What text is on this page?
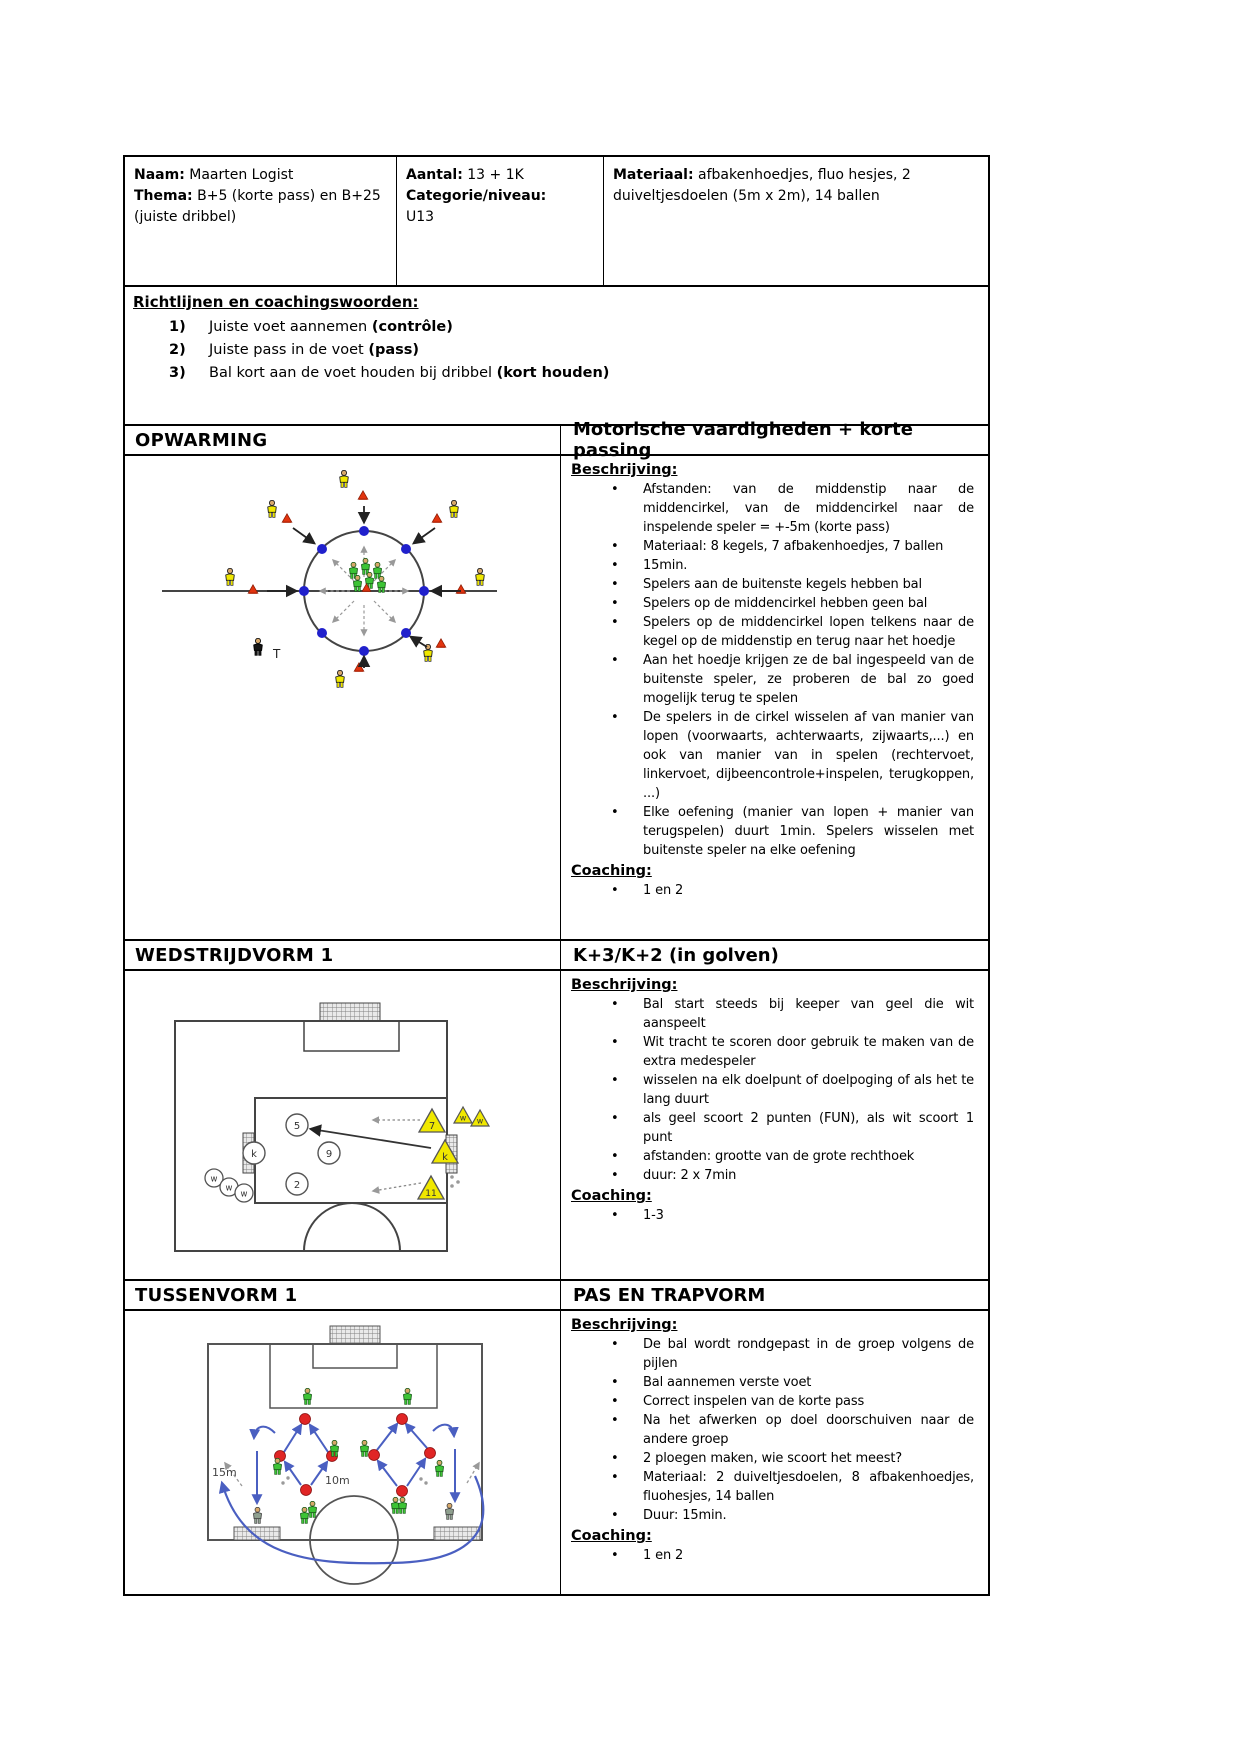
Naam: Maarten Logist

Thema: B+5 (korte pass) en B+25 (juiste dribbel)

Aantal: 13 + 1K

Categorie/niveau:

U13

Materiaal: afbakenhoedjes, fluo hesjes, 2 duiveltjesdoelen (5m x 2m), 14 ballen

Richtlijnen en coachingswoorden:

1) Juiste voet aannemen (contrôle)
2) Juiste pass in de voet (pass)
3) Bal kort aan de voet houden bij dribbel (kort houden)
OPWARMING	Motorische vaardigheden + korte passing
T

Beschrijving:

• Afstanden: van de middenstip naar de middencirkel, van de middencirkel naar de inspelende speler = +-5m (korte pass)
• Materiaal: 8 kegels, 7 afbakenhoedjes, 7 ballen
• 15min.
• Spelers aan de buitenste kegels hebben bal
• Spelers op de middencirkel hebben geen bal
• Spelers op de middencirkel lopen telkens naar de kegel op de middenstip en terug naar het hoedje
• Aan het hoedje krijgen ze de bal ingespeeld van de buitenste speler, ze proberen de bal zo goed mogelijk terug te spelen
• De spelers in de cirkel wisselen af van manier van lopen (voorwaarts, achterwaarts, zijwaarts,...) en ook van manier van in spelen (rechtervoet, linkervoet, dijbeencontrole+inspelen, terugkoppen, ...)
• Elke oefening (manier van lopen + manier van terugspelen) duurt 1min. Spelers wisselen met buitenste speler na elke oefening

Coaching:

• 1 en 2
WEDSTRIJDVORM 1	K+3/K+2 (in golven)
k
5
9
2
w
w
w
7
k
11
w w

Beschrijving:

• Bal start steeds bij keeper van geel die wit aanspeelt
• Wit tracht te scoren door gebruik te maken van de extra medespeler
• wisselen na elk doelpunt of doelpoging of als het te lang duurt
• als geel scoort 2 punten (FUN), als wit scoort 1 punt
• afstanden: grootte van de grote rechthoek
• duur: 2 x 7min

Coaching:

• 1-3
TUSSENVORM 1	PAS EN TRAPVORM
15m
10m

Beschrijving:

• De bal wordt rondgepast in de groep volgens de pijlen
• Bal aannemen verste voet
• Correct inspelen van de korte pass
• Na het afwerken op doel doorschuiven naar de andere groep
• 2 ploegen maken, wie scoort het meest?
• Materiaal: 2 duiveltjesdoelen, 8 afbakenhoedjes, fluohesjes, 14 ballen
• Duur: 15min.

Coaching:

• 1 en 2
